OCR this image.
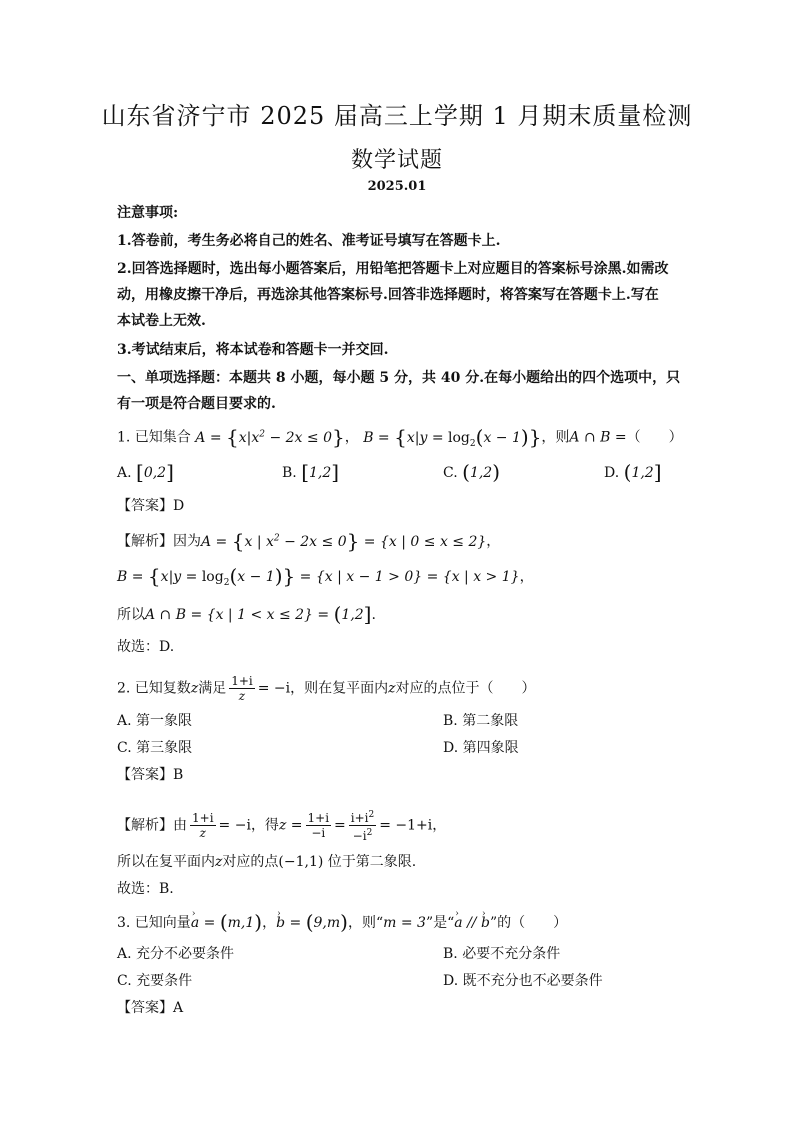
山东省济宁市 2025 届高三上学期 1 月期末质量检测
数学试题
2025.01
注意事项:
1.答卷前，考生务必将自己的姓名、准考证号填写在答题卡上.
2.回答选择题时，选出每小题答案后，用铅笔把答题卡上对应题目的答案标号涂黑.如需改
动，用橡皮擦干净后，再选涂其他答案标号.回答非选择题时，将答案写在答题卡上.写在
本试卷上无效.
3.考试结束后，将本试卷和答题卡一并交回.
一、单项选择题：本题共 8 小题，每小题 5 分，共 40 分.在每小题给出的四个选项中，只
有一项是符合题目要求的.
1. 已知集合 $A = \{x|x^2 - 2x \le 0\}$， $B = \{x|y = \log_2(x - 1)\}$，则A ∩ B =（　　）
A. [0,2]	B. [1,2]	C. (1,2)	D. (1,2]
【答案】D
【解析】因为A = {x | $x^2 - 2x \le 0\} = \{x$ | 0 ≤ x ≤ 2}，
$B = \{x|y = \log_2(x - 1)\} = \{x$ | x − 1 > 0} = {x | x > 1}，
所以A ∩ B = {x | 1 < x ≤ 2} = (1,2].
故选：D.
2. 已知复数z满足 $\frac{1+i}{z} = -i$，则在复平面内z对应的点位于（　　）
A. 第一象限	B. 第二象限
C. 第三象限	D. 第四象限
【答案】B
【解析】由 $\frac{1+i}{z} = -i$，得$z = \frac{1+i}{-i} = \frac{i+i^2}{-i^2} = -1+i$，
所以在复平面内z对应的点(−1,1) 位于第二象限.
故选：B.
3. 已知向量› a = (m,1)，› b = (9,m)，则“m = 3”是“› a // › b”的（　　）
A. 充分不必要条件	B. 必要不充分条件
C. 充要条件	D. 既不充分也不必要条件
【答案】A
